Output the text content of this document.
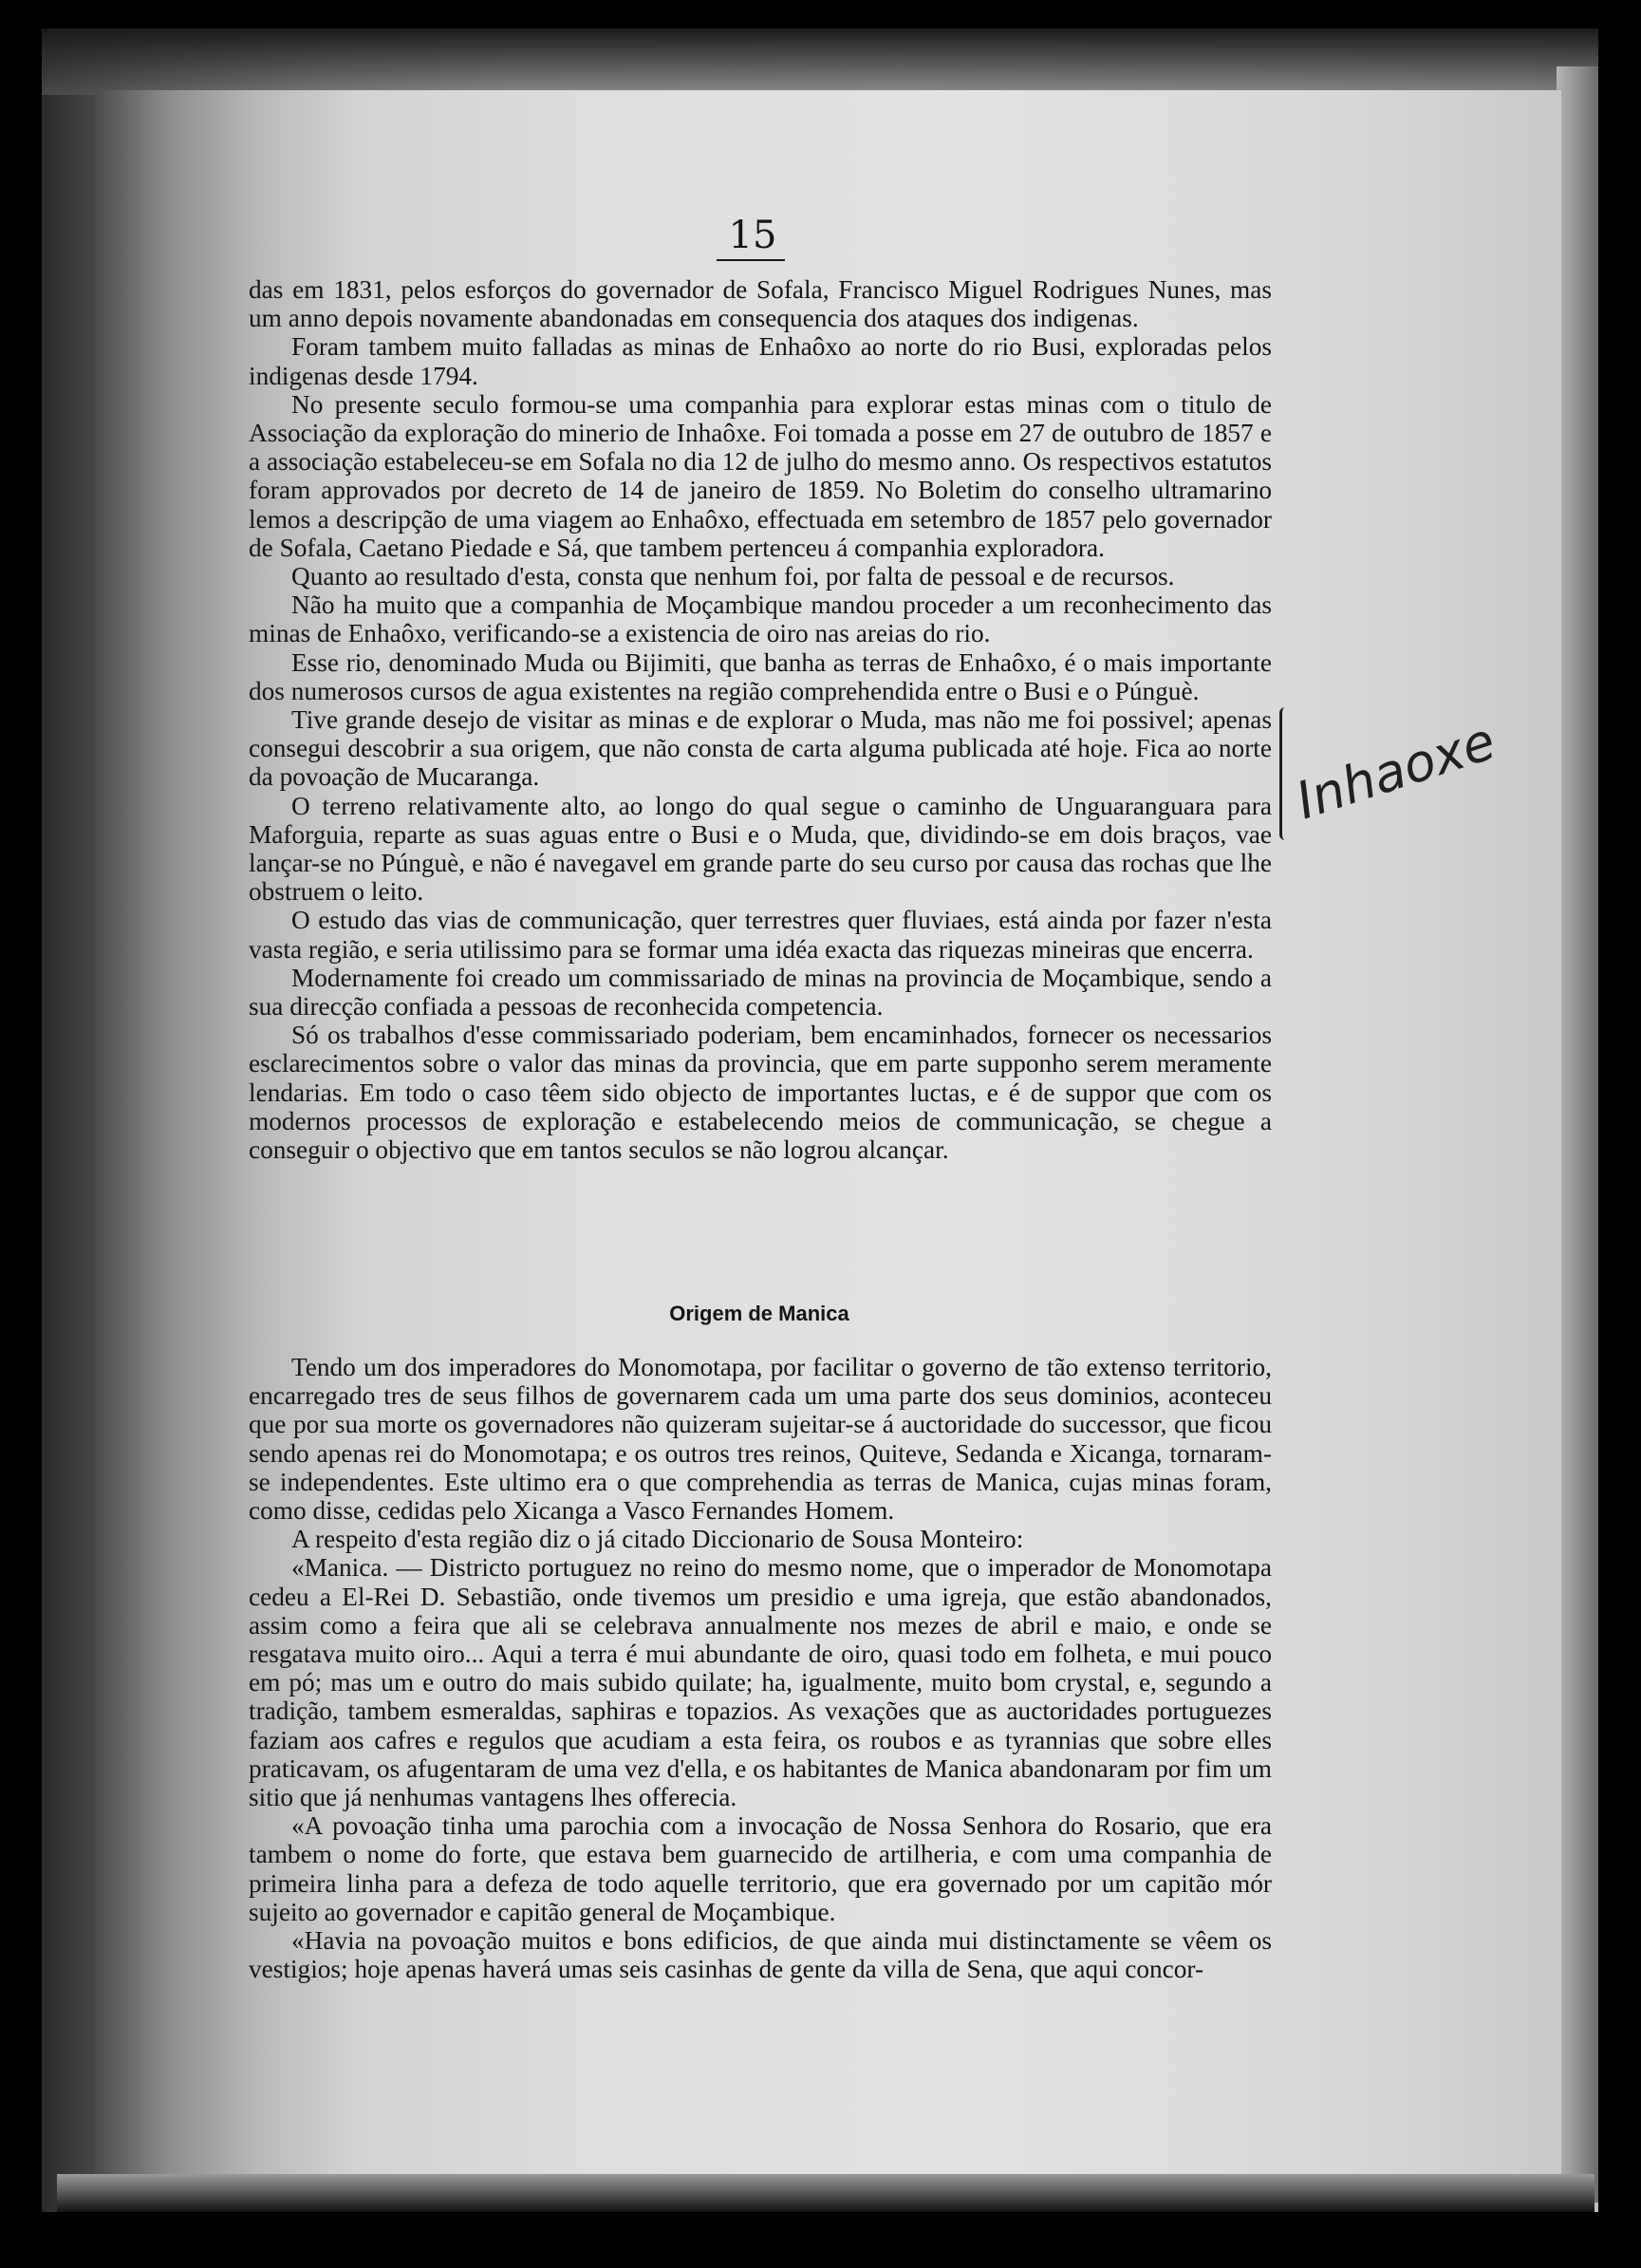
15

das em 1831, pelos esforços do governador de Sofala, Francisco Miguel Rodrigues Nunes, mas um anno depois novamente abandonadas em consequencia dos ataques dos indigenas.

Foram tambem muito falladas as minas de Enhaôxo ao norte do rio Busi, exploradas pelos indigenas desde 1794.

No presente seculo formou-se uma companhia para explorar estas minas com o titulo de Associação da exploração do minerio de Inhaôxe. Foi tomada a posse em 27 de outubro de 1857 e a associação estabeleceu-se em Sofala no dia 12 de julho do mesmo anno. Os respectivos estatutos foram approvados por decreto de 14 de janeiro de 1859. No Boletim do conselho ultramarino lemos a descripção de uma viagem ao Enhaôxo, effectuada em setembro de 1857 pelo governador de Sofala, Caetano Piedade e Sá, que tambem pertenceu á companhia exploradora.

Quanto ao resultado d'esta, consta que nenhum foi, por falta de pessoal e de recursos.

Não ha muito que a companhia de Moçambique mandou proceder a um reconhecimento das minas de Enhaôxo, verificando-se a existencia de oiro nas areias do rio.

Esse rio, denominado Muda ou Bijimiti, que banha as terras de Enhaôxo, é o mais importante dos numerosos cursos de agua existentes na região comprehendida entre o Busi e o Púnguè.

Tive grande desejo de visitar as minas e de explorar o Muda, mas não me foi possivel; apenas consegui descobrir a sua origem, que não consta de carta alguma publicada até hoje. Fica ao norte da povoação de Mucaranga.

O terreno relativamente alto, ao longo do qual segue o caminho de Unguaranguara para Maforguia, reparte as suas aguas entre o Busi e o Muda, que, dividindo-se em dois braços, vae lançar-se no Púnguè, e não é navegavel em grande parte do seu curso por causa das rochas que lhe obstruem o leito.

O estudo das vias de communicação, quer terrestres quer fluviaes, está ainda por fazer n'esta vasta região, e seria utilissimo para se formar uma idéa exacta das riquezas mineiras que encerra.

Modernamente foi creado um commissariado de minas na provincia de Moçambique, sendo a sua direcção confiada a pessoas de reconhecida competencia.

Só os trabalhos d'esse commissariado poderiam, bem encaminhados, fornecer os necessarios esclarecimentos sobre o valor das minas da provincia, que em parte supponho serem meramente lendarias. Em todo o caso têem sido objecto de importantes luctas, e é de suppor que com os modernos processos de exploração e estabelecendo meios de communicação, se chegue a conseguir o objectivo que em tantos seculos se não logrou alcançar.

Origem de Manica

Tendo um dos imperadores do Monomotapa, por facilitar o governo de tão extenso territorio, encarregado tres de seus filhos de governarem cada um uma parte dos seus dominios, aconteceu que por sua morte os governadores não quizeram sujeitar-se á auctoridade do successor, que ficou sendo apenas rei do Monomotapa; e os outros tres reinos, Quiteve, Sedanda e Xicanga, tornaram-se independentes. Este ultimo era o que comprehendia as terras de Manica, cujas minas foram, como disse, cedidas pelo Xicanga a Vasco Fernandes Homem.

A respeito d'esta região diz o já citado Diccionario de Sousa Monteiro:

«Manica. — Districto portuguez no reino do mesmo nome, que o imperador de Monomotapa cedeu a El-Rei D. Sebastião, onde tivemos um presidio e uma igreja, que estão abandonados, assim como a feira que ali se celebrava annualmente nos mezes de abril e maio, e onde se resgatava muito oiro... Aqui a terra é mui abundante de oiro, quasi todo em folheta, e mui pouco em pó; mas um e outro do mais subido quilate; ha, igualmente, muito bom crystal, e, segundo a tradição, tambem esmeraldas, saphiras e topazios. As vexações que as auctoridades portuguezes faziam aos cafres e regulos que acudiam a esta feira, os roubos e as tyrannias que sobre elles praticavam, os afugentaram de uma vez d'ella, e os habitantes de Manica abandonaram por fim um sitio que já nenhumas vantagens lhes offerecia.

«A povoação tinha uma parochia com a invocação de Nossa Senhora do Rosario, que era tambem o nome do forte, que estava bem guarnecido de artilheria, e com uma companhia de primeira linha para a defeza de todo aquelle territorio, que era governado por um capitão mór sujeito ao governador e capitão general de Moçambique.

«Havia na povoação muitos e bons edificios, de que ainda mui distinctamente se vêem os vestigios; hoje apenas haverá umas seis casinhas de gente da villa de Sena, que aqui concor-

Inhaoxe
